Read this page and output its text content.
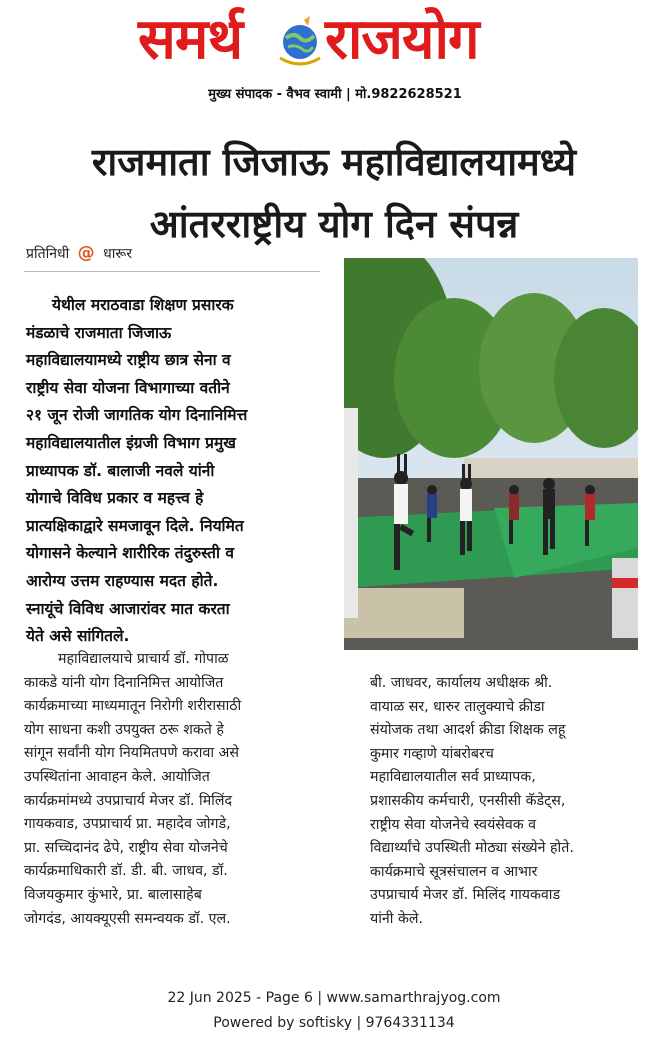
समर्थ राजयोग
मुख्य संपादक - वैभव स्वामी | मो.9822628521
राजमाता जिजाऊ महाविद्यालयामध्ये
आंतरराष्ट्रीय योग दिन संपन्न
प्रतिनिधी @ धारूर
येथील मराठवाडा शिक्षण प्रसारक
मंडळाचे राजमाता जिजाऊ
महाविद्यालयामध्ये राष्ट्रीय छात्र सेना व
राष्ट्रीय सेवा योजना विभागाच्या वतीने
२१ जून रोजी जागतिक योग दिनानिमित्त
महाविद्यालयातील इंग्रजी विभाग प्रमुख
प्राध्यापक डॉ. बालाजी नवले यांनी
योगाचे विविध प्रकार व महत्त्व हे
प्रात्यक्षिकाद्वारे समजावून दिले. नियमित
योगासने केल्याने शारीरिक तंदुरुस्ती व
आरोग्य उत्तम राहण्यास मदत होते.
स्नायूंचे विविध आजारांवर मात करता
येते असे सांगितले.
महाविद्यालयाचे प्राचार्य डॉ. गोपाळ
काकडे यांनी योग दिनानिमित्त आयोजित
कार्यक्रमाच्या माध्यमातून निरोगी शरीरासाठी
योग साधना कशी उपयुक्त ठरू शकते हे
सांगून सर्वांनी योग नियमितपणे करावा असे
उपस्थितांना आवाहन केले. आयोजित
कार्यक्रमांमध्ये उपप्राचार्य मेजर डॉ. मिलिंद
गायकवाड, उपप्राचार्य प्रा. महादेव जोगडे,
प्रा. सच्चिदानंद ढेपे, राष्ट्रीय सेवा योजनेचे
कार्यक्रमाधिकारी डॉ. डी. बी. जाधव, डॉ.
विजयकुमार कुंभारे, प्रा. बालासाहेब
जोगदंड, आयक्यूएसी समन्वयक डॉ. एल.
बी. जाधवर, कार्यालय अधीक्षक श्री.
वायाळ सर, धारुर तालुक्याचे क्रीडा
संयोजक तथा आदर्श क्रीडा शिक्षक लहू
कुमार गव्हाणे यांबरोबरच
महाविद्यालयातील सर्व प्राध्यापक,
प्रशासकीय कर्मचारी, एनसीसी कॅडेट्स,
राष्ट्रीय सेवा योजनेचे स्वयंसेवक व
विद्यार्थ्यांचे उपस्थिती मोठ्या संख्येने होते.
कार्यक्रमाचे सूत्रसंचालन व आभार
उपप्राचार्य मेजर डॉ. मिलिंद गायकवाड
यांनी केले.
22 Jun 2025 - Page 6 | www.samarthrajyog.com
Powered by softisky | 9764331134
